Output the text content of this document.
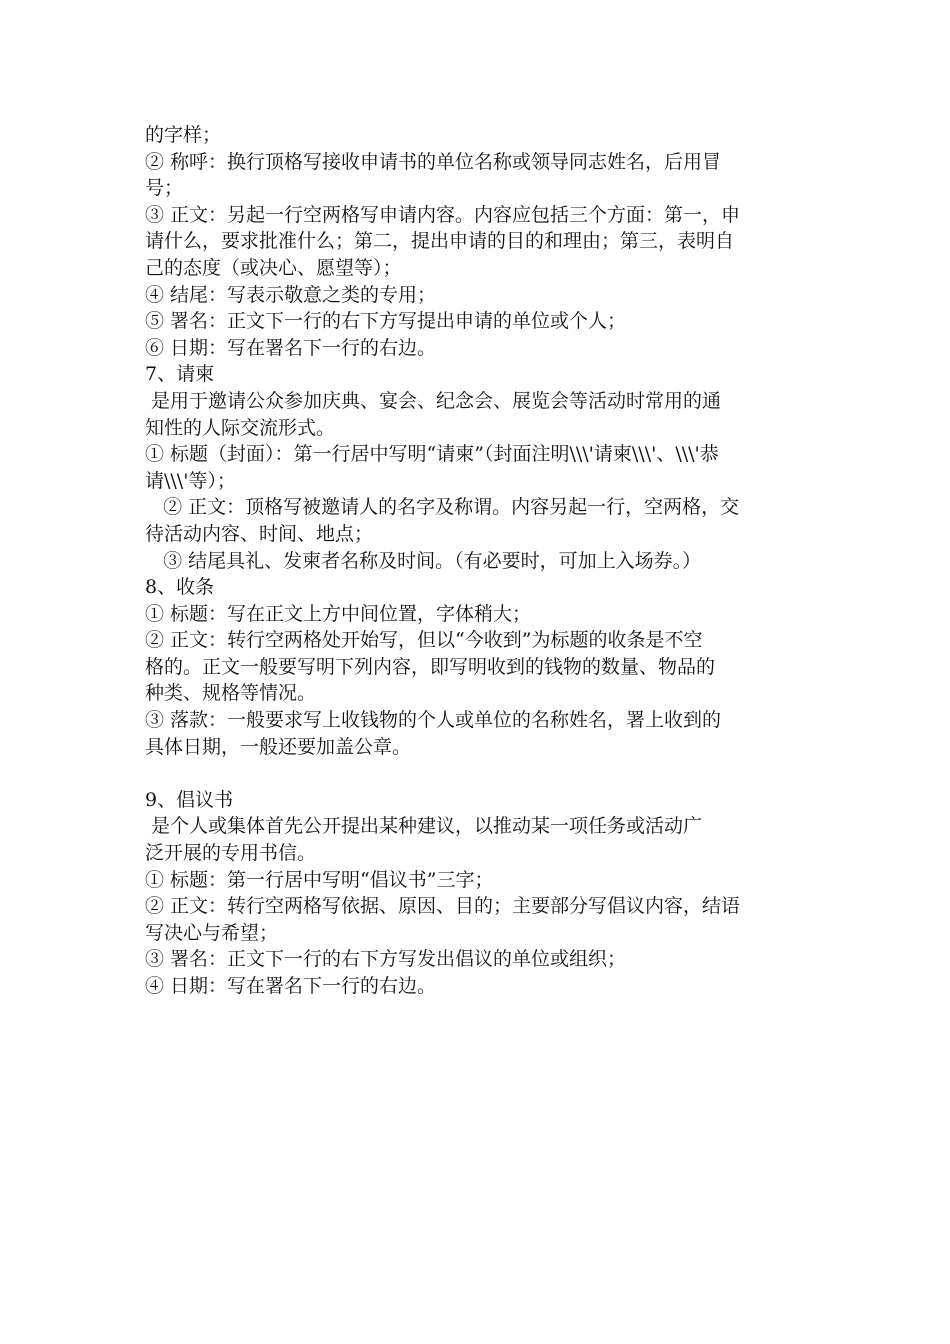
的字样；
② 称呼：换行顶格写接收申请书的单位名称或领导同志姓名，后用冒
号；
③ 正文：另起一行空两格写申请内容。内容应包括三个方面：第一，申
请什么，要求批准什么；第二，提出申请的目的和理由；第三，表明自
己的态度（或决心、愿望等）；
④ 结尾：写表示敬意之类的专用；
⑤ 署名：正文下一行的右下方写提出申请的单位或个人；
⑥ 日期：写在署名下一行的右边。
7、请柬
是用于邀请公众参加庆典、宴会、纪念会、展览会等活动时常用的通
知性的人际交流形式。
① 标题（封面）：第一行居中写明“请柬”（封面注明\\\'请柬\\\'、\\\'恭
请\\\'等）；
② 正文：顶格写被邀请人的名字及称谓。内容另起一行，空两格，交
待活动内容、时间、地点；
③ 结尾具礼、发柬者名称及时间。（有必要时，可加上入场券。）
8、收条
① 标题：写在正文上方中间位置，字体稍大；
② 正文：转行空两格处开始写，但以“今收到”为标题的收条是不空
格的。正文一般要写明下列内容，即写明收到的钱物的数量、物品的
种类、规格等情况。
③ 落款：一般要求写上收钱物的个人或单位的名称姓名，署上收到的
具体日期，一般还要加盖公章。
9、倡议书
是个人或集体首先公开提出某种建议，以推动某一项任务或活动广
泛开展的专用书信。
① 标题：第一行居中写明“倡议书”三字；
② 正文：转行空两格写依据、原因、目的；主要部分写倡议内容，结语
写决心与希望；
③ 署名：正文下一行的右下方写发出倡议的单位或组织；
④ 日期：写在署名下一行的右边。
